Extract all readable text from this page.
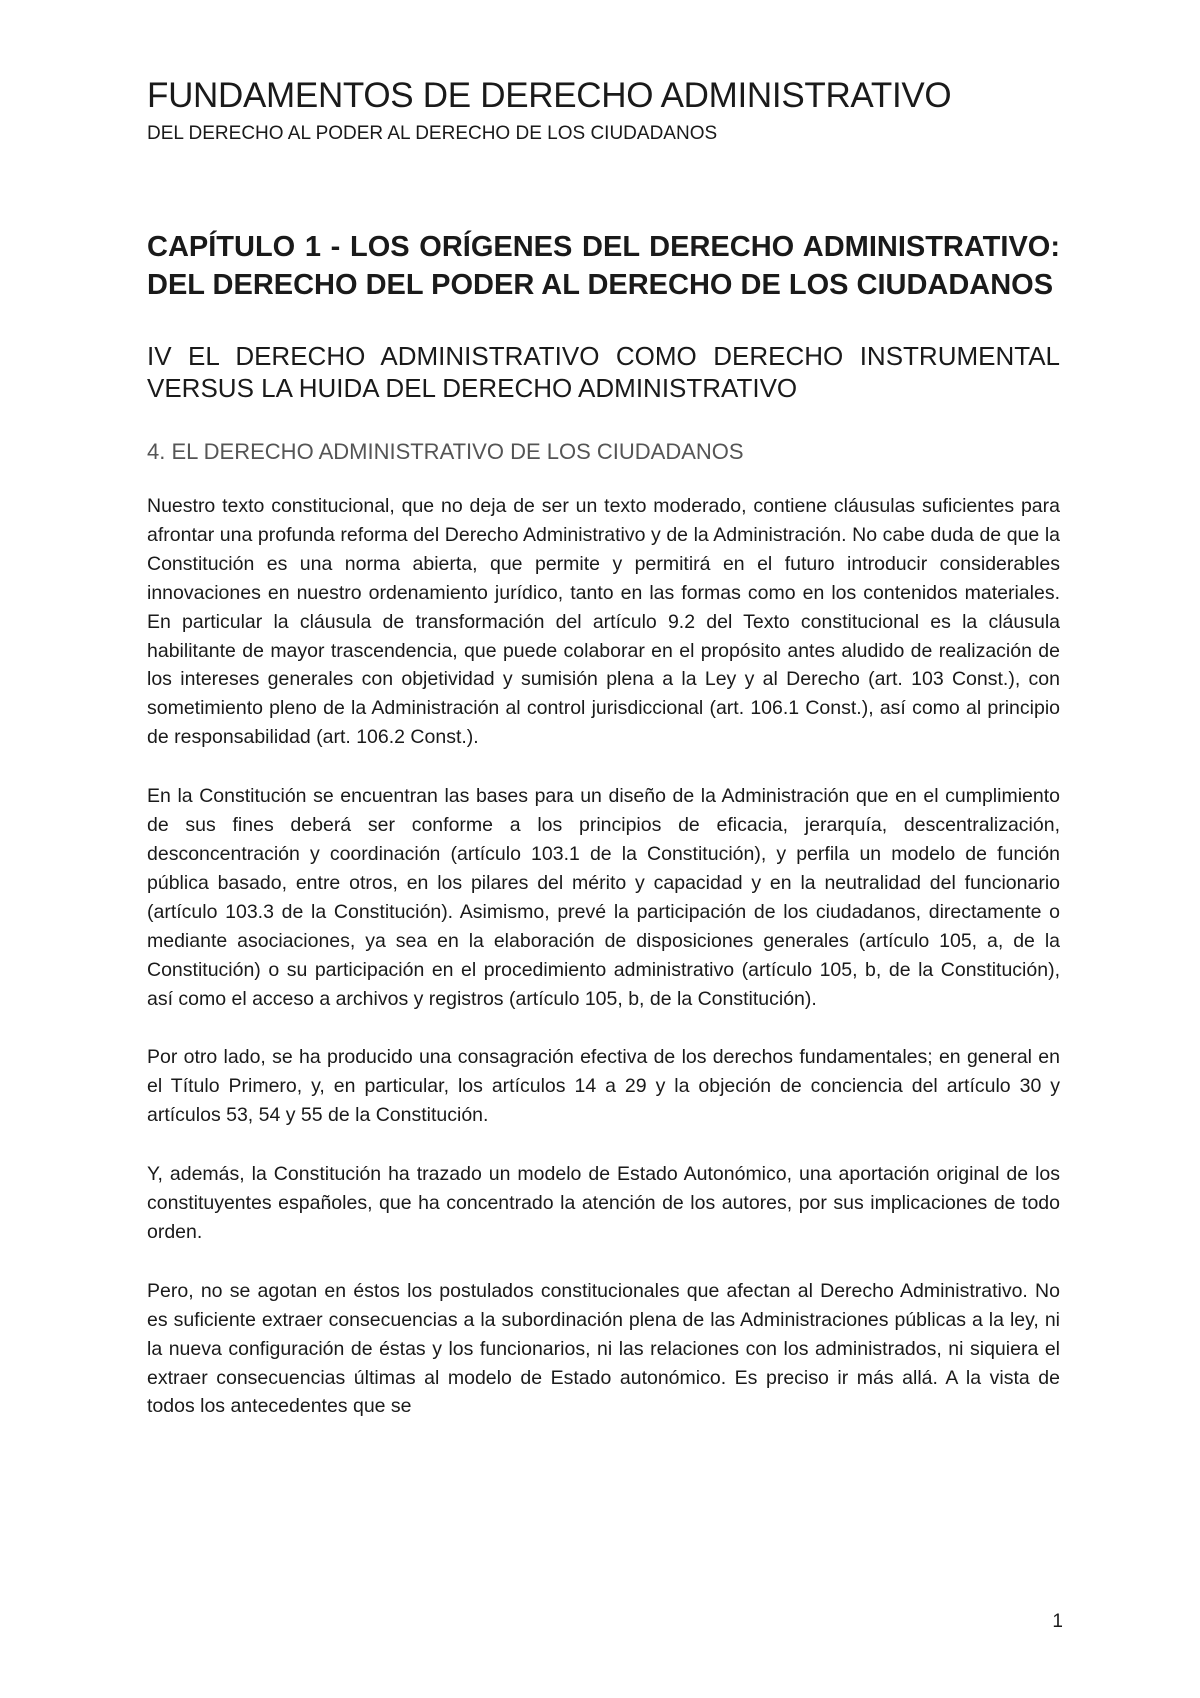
FUNDAMENTOS DE DERECHO ADMINISTRATIVO

DEL DERECHO AL PODER AL DERECHO DE LOS CIUDADANOS

CAPÍTULO 1 - LOS ORÍGENES DEL DERECHO ADMINISTRATIVO: DEL DERECHO DEL PODER AL DERECHO DE LOS CIUDADANOS
IV EL DERECHO ADMINISTRATIVO COMO DERECHO INSTRUMENTAL VERSUS LA HUIDA DEL DERECHO ADMINISTRATIVO
4. EL DERECHO ADMINISTRATIVO DE LOS CIUDADANOS

Nuestro texto constitucional, que no deja de ser un texto moderado, contiene cláusulas suficientes para afrontar una profunda reforma del Derecho Administrativo y de la Administración. No cabe duda de que la Constitución es una norma abierta, que permite y permitirá en el futuro introducir considerables innovaciones en nuestro ordenamiento jurídico, tanto en las formas como en los contenidos materiales. En particular la cláusula de transformación del artículo 9.2 del Texto constitucional es la cláusula habilitante de mayor trascendencia, que puede colaborar en el propósito antes aludido de realización de los intereses generales con objetividad y sumisión plena a la Ley y al Derecho (art. 103 Const.), con sometimiento pleno de la Administración al control jurisdiccional (art. 106.1 Const.), así como al principio de responsabilidad (art. 106.2 Const.).

En la Constitución se encuentran las bases para un diseño de la Administración que en el cumplimiento de sus fines deberá ser conforme a los principios de eficacia, jerarquía, descentralización, desconcentración y coordinación (artículo 103.1 de la Constitución), y perfila un modelo de función pública basado, entre otros, en los pilares del mérito y capacidad y en la neutralidad del funcionario (artículo 103.3 de la Constitución). Asimismo, prevé la participación de los ciudadanos, directamente o mediante asociaciones, ya sea en la elaboración de disposiciones generales (artículo 105, a, de la Constitución) o su participación en el procedimiento administrativo (artículo 105, b, de la Constitución), así como el acceso a archivos y registros (artículo 105, b, de la Constitución).

Por otro lado, se ha producido una consagración efectiva de los derechos fundamentales; en general en el Título Primero, y, en particular, los artículos 14 a 29 y la objeción de conciencia del artículo 30 y artículos 53, 54 y 55 de la Constitución.

Y, además, la Constitución ha trazado un modelo de Estado Autonómico, una aportación original de los constituyentes españoles, que ha concentrado la atención de los autores, por sus implicaciones de todo orden.

Pero, no se agotan en éstos los postulados constitucionales que afectan al Derecho Administrativo. No es suficiente extraer consecuencias a la subordinación plena de las Administraciones públicas a la ley, ni la nueva configuración de éstas y los funcionarios, ni las relaciones con los administrados, ni siquiera el extraer consecuencias últimas al modelo de Estado autonómico. Es preciso ir más allá. A la vista de todos los antecedentes que se

1
